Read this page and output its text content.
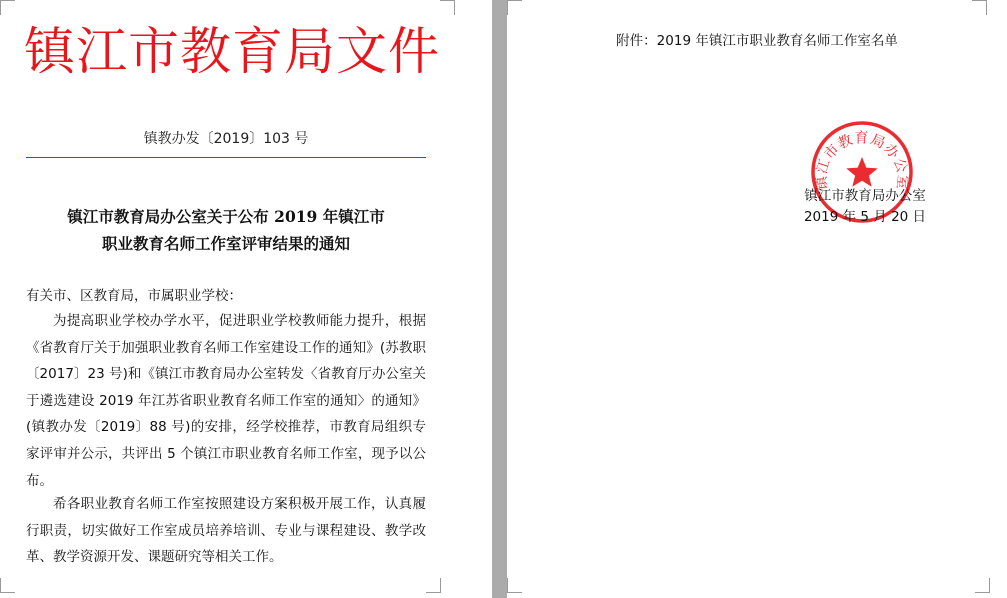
镇江市教育局文件
镇教办发〔2019〕103 号
镇江市教育局办公室关于公布 2019 年镇江市
职业教育名师工作室评审结果的通知
有关市、区教育局，市属职业学校：
为提高职业学校办学水平，促进职业学校教师能力提升，根据《省教育厅关于加强职业教育名师工作室建设工作的通知》(苏教职〔2017〕23 号)和《镇江市教育局办公室转发〈省教育厅办公室关于遴选建设 2019 年江苏省职业教育名师工作室的通知〉的通知》(镇教办发〔2019〕88 号)的安排，经学校推荐，市教育局组织专家评审并公示，共评出 5 个镇江市职业教育名师工作室，现予以公布。
希各职业教育名师工作室按照建设方案积极开展工作，认真履行职责，切实做好工作室成员培养培训、专业与课程建设、教学改革、教学资源开发、课题研究等相关工作。
附件：2019 年镇江市职业教育名师工作室名单
镇江市教育局办公室
镇江市教育局办公室
2019 年 5 月 20 日
